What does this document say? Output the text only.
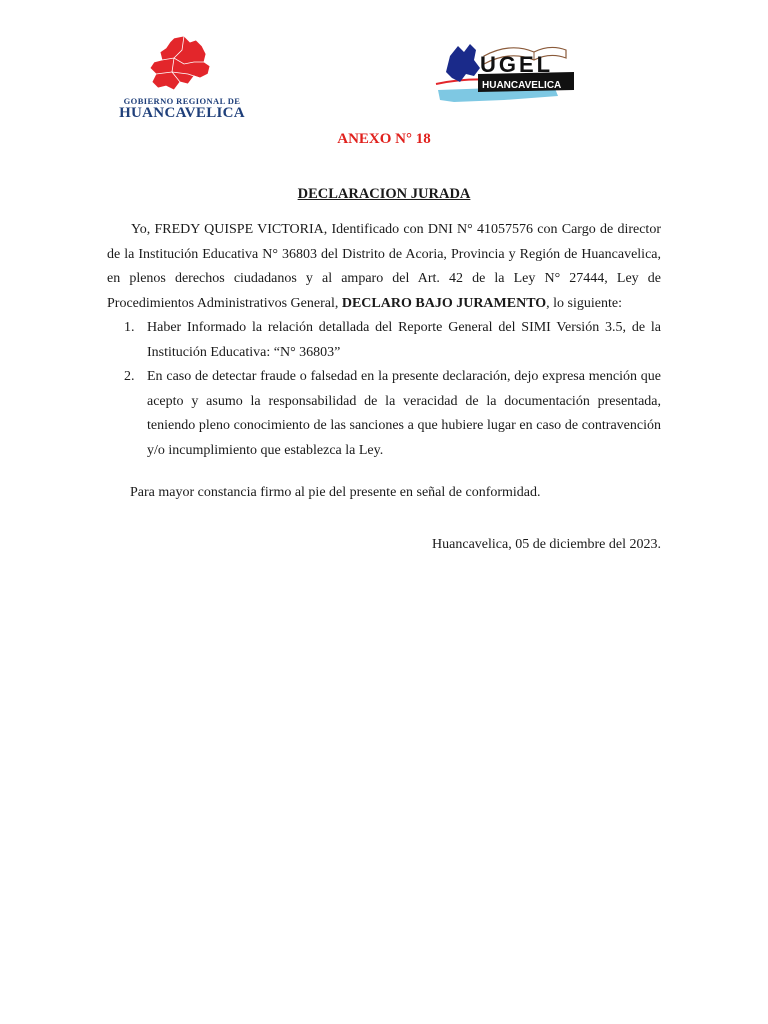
GOBIERNO REGIONAL DE
HUANCAVELICA
UGEL
HUANCAVELICA
ANEXO N° 18
DECLARACION JURADA

Yo, FREDY QUISPE VICTORIA, Identificado con DNI N° 41057576 con Cargo de director de la Institución Educativa N° 36803 del Distrito de Acoria, Provincia y Región de Huancavelica, en plenos derechos ciudadanos y al amparo del Art. 42 de la Ley N° 27444, Ley de Procedimientos Administrativos General, DECLARO BAJO JURAMENTO, lo siguiente:

1. Haber Informado la relación detallada del Reporte General del SIMI Versión 3.5, de la Institución Educativa: “N° 36803”
2. En caso de detectar fraude o falsedad en la presente declaración, dejo expresa mención que acepto y asumo la responsabilidad de la veracidad de la documentación presentada, teniendo pleno conocimiento de las sanciones a que hubiere lugar en caso de contravención y/o incumplimiento que establezca la Ley.
Para mayor constancia firmo al pie del presente en señal de conformidad.
Huancavelica, 05 de diciembre del 2023.
